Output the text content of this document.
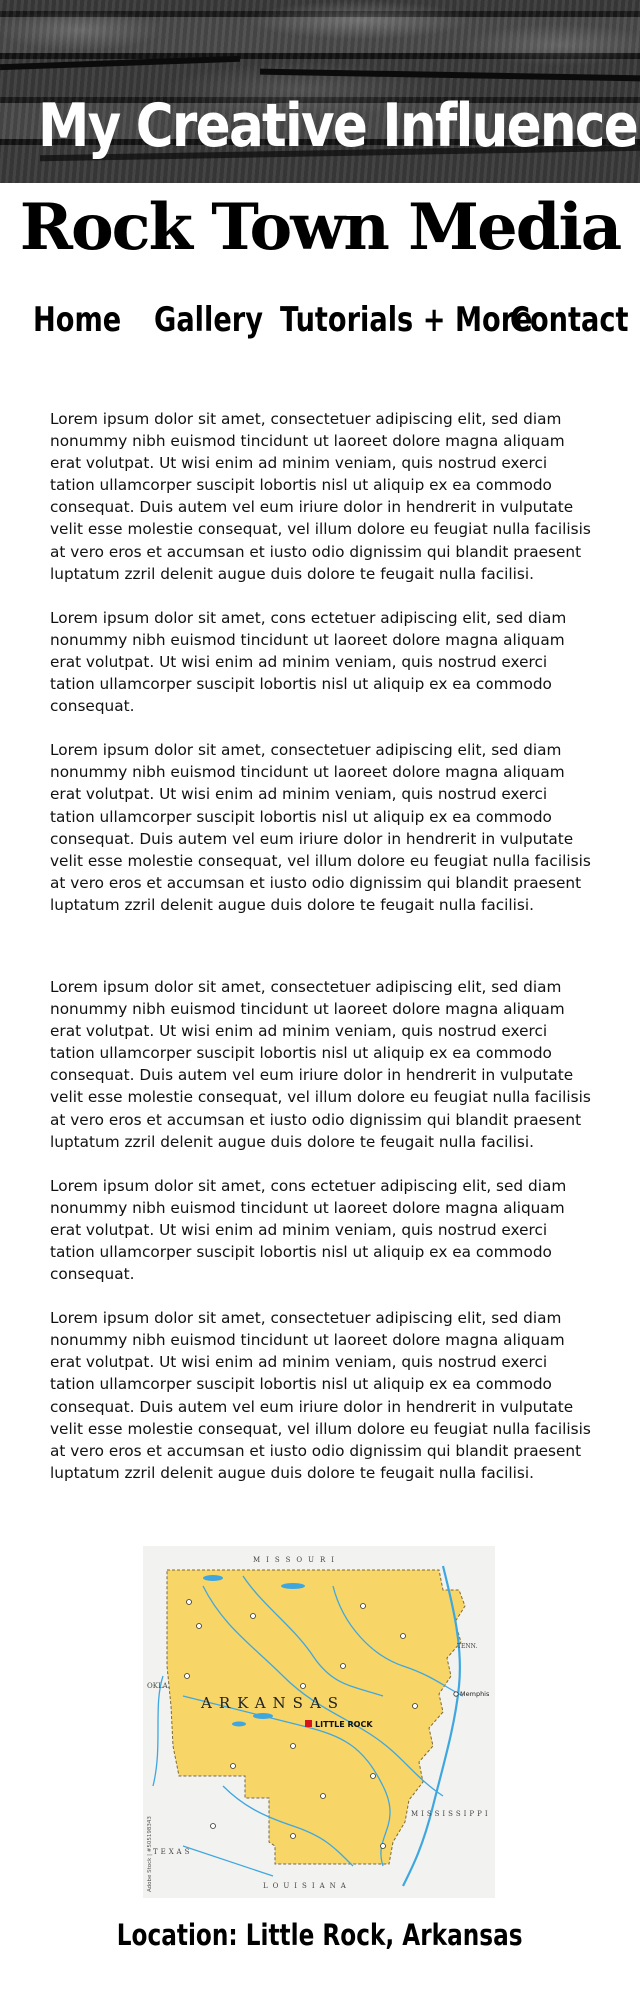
My Creative Influence
Rock Town Media
Home Gallery Tutorials + More
Contact

Lorem ipsum dolor sit amet, consectetuer adipiscing elit, sed diam nonummy nibh euismod tincidunt ut laoreet dolore magna aliquam erat volutpat. Ut wisi enim ad minim veniam, quis nostrud exerci tation ullamcorper suscipit lobortis nisl ut aliquip ex ea commodo consequat. Duis autem vel eum iriure dolor in hendrerit in vulputate velit esse molestie consequat, vel illum dolore eu feugiat nulla facilisis at vero eros et accumsan et iusto odio dignissim qui blandit praesent luptatum zzril delenit augue duis dolore te feugait nulla facilisi.

Lorem ipsum dolor sit amet, cons ectetuer adipiscing elit, sed diam nonummy nibh euismod tincidunt ut laoreet dolore magna aliquam erat volutpat. Ut wisi enim ad minim veniam, quis nostrud exerci tation ullamcorper suscipit lobortis nisl ut aliquip ex ea commodo consequat.

Lorem ipsum dolor sit amet, consectetuer adipiscing elit, sed diam nonummy nibh euismod tincidunt ut laoreet dolore magna aliquam erat volutpat. Ut wisi enim ad minim veniam, quis nostrud exerci tation ullamcorper suscipit lobortis nisl ut aliquip ex ea commodo consequat. Duis autem vel eum iriure dolor in hendrerit in vulputate velit esse molestie consequat, vel illum dolore eu feugiat nulla facilisis at vero eros et accumsan et iusto odio dignissim qui blandit praesent luptatum zzril delenit augue duis dolore te feugait nulla facilisi.

Lorem ipsum dolor sit amet, consectetuer adipiscing elit, sed diam nonummy nibh euismod tincidunt ut laoreet dolore magna aliquam erat volutpat. Ut wisi enim ad minim veniam, quis nostrud exerci tation ullamcorper suscipit lobortis nisl ut aliquip ex ea commodo consequat. Duis autem vel eum iriure dolor in hendrerit in vulputate velit esse molestie consequat, vel illum dolore eu feugiat nulla facilisis at vero eros et accumsan et iusto odio dignissim qui blandit praesent luptatum zzril delenit augue duis dolore te feugait nulla facilisi.

Lorem ipsum dolor sit amet, cons ectetuer adipiscing elit, sed diam nonummy nibh euismod tincidunt ut laoreet dolore magna aliquam erat volutpat. Ut wisi enim ad minim veniam, quis nostrud exerci tation ullamcorper suscipit lobortis nisl ut aliquip ex ea commodo consequat.

Lorem ipsum dolor sit amet, consectetuer adipiscing elit, sed diam nonummy nibh euismod tincidunt ut laoreet dolore magna aliquam erat volutpat. Ut wisi enim ad minim veniam, quis nostrud exerci tation ullamcorper suscipit lobortis nisl ut aliquip ex ea commodo consequat. Duis autem vel eum iriure dolor in hendrerit in vulputate velit esse molestie consequat, vel illum dolore eu feugiat nulla facilisis at vero eros et accumsan et iusto odio dignissim qui blandit praesent luptatum zzril delenit augue duis dolore te feugait nulla facilisi.

LITTLE ROCK
ARKANSAS
MISSOURI
LOUISIANA
OKLA.
TEXAS
MISSISSIPPI
TENN.
Memphis
Adobe Stock | #505198343
Location: Little Rock, Arkansas
